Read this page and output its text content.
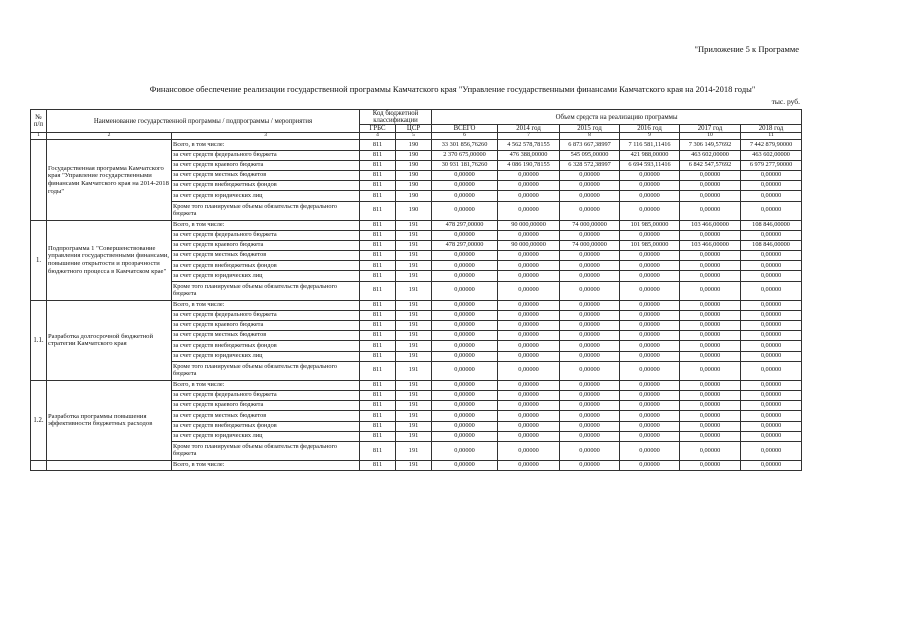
"Приложение 5 к Программе
Финансовое обеспечение реализации государственной программы Камчатского края "Управление государственными финансами Камчатского края на 2014-2018 годы"
тыс. руб.
№ п/п	Наименование государственной программы / подпрограммы / мероприятия		Код бюджетной классификации		Объем средств на реализацию программы					
			ГРБС	ЦСР	ВСЕГО	2014 год	2015 год	2016 год	2017 год	2018 год
1	2	3	4	5	6	7	8	9	10	11
	Государственная программа Камчатского края "Управление государственными финансами Камчатского края на 2014-2018 годы"	Всего, в том числе:	811	190	33 301 856,76260	4 562 578,78155	6 873 667,38997	7 116 581,11416	7 306 149,57692	7 442 879,90000
		за счет средств федерального бюджета	811	190	2 370 675,00000	476 388,00000	545 095,00000	421 988,00000	463 602,00000	463 602,00000
		за счет средств краевого бюджета	811	190	30 931 181,76260	4 086 190,78155	6 328 572,38997	6 694 593,11416	6 842 547,57692	6 979 277,90000
		за счет средств местных бюджетов	811	190	0,00000	0,00000	0,00000	0,00000	0,00000	0,00000
		за счет средств внебюджетных фондов	811	190	0,00000	0,00000	0,00000	0,00000	0,00000	0,00000
		за счет средств юридических лиц	811	190	0,00000	0,00000	0,00000	0,00000	0,00000	0,00000
		Кроме того планируемые объемы обязательств федерального бюджета	811	190	0,00000	0,00000	0,00000	0,00000	0,00000	0,00000
1.	Подпрограмма 1 "Совершенствование управления государственными финансами, повышение открытости и прозрачности бюджетного процесса в Камчатском крае"	Всего, в том числе:	811	191	478 297,00000	90 000,00000	74 000,00000	101 985,00000	103 466,00000	108 846,00000
		за счет средств федерального бюджета	811	191	0,00000	0,00000	0,00000	0,00000	0,00000	0,00000
		за счет средств краевого бюджета	811	191	478 297,00000	90 000,00000	74 000,00000	101 985,00000	103 466,00000	108 846,00000
		за счет средств местных бюджетов	811	191	0,00000	0,00000	0,00000	0,00000	0,00000	0,00000
		за счет средств внебюджетных фондов	811	191	0,00000	0,00000	0,00000	0,00000	0,00000	0,00000
		за счет средств юридических лиц	811	191	0,00000	0,00000	0,00000	0,00000	0,00000	0,00000
		Кроме того планируемые объемы обязательств федерального бюджета	811	191	0,00000	0,00000	0,00000	0,00000	0,00000	0,00000
1.1.	Разработка долгосрочной бюджетной стратегии Камчатского края	Всего, в том числе:	811	191	0,00000	0,00000	0,00000	0,00000	0,00000	0,00000
		за счет средств федерального бюджета	811	191	0,00000	0,00000	0,00000	0,00000	0,00000	0,00000
		за счет средств краевого бюджета	811	191	0,00000	0,00000	0,00000	0,00000	0,00000	0,00000
		за счет средств местных бюджетов	811	191	0,00000	0,00000	0,00000	0,00000	0,00000	0,00000
		за счет средств внебюджетных фондов	811	191	0,00000	0,00000	0,00000	0,00000	0,00000	0,00000
		за счет средств юридических лиц	811	191	0,00000	0,00000	0,00000	0,00000	0,00000	0,00000
		Кроме того планируемые объемы обязательств федерального бюджета	811	191	0,00000	0,00000	0,00000	0,00000	0,00000	0,00000
1.2.	Разработка программы повышения эффективности бюджетных расходов	Всего, в том числе:	811	191	0,00000	0,00000	0,00000	0,00000	0,00000	0,00000
		за счет средств федерального бюджета	811	191	0,00000	0,00000	0,00000	0,00000	0,00000	0,00000
		за счет средств краевого бюджета	811	191	0,00000	0,00000	0,00000	0,00000	0,00000	0,00000
		за счет средств местных бюджетов	811	191	0,00000	0,00000	0,00000	0,00000	0,00000	0,00000
		за счет средств внебюджетных фондов	811	191	0,00000	0,00000	0,00000	0,00000	0,00000	0,00000
		за счет средств юридических лиц	811	191	0,00000	0,00000	0,00000	0,00000	0,00000	0,00000
		Кроме того планируемые объемы обязательств федерального бюджета	811	191	0,00000	0,00000	0,00000	0,00000	0,00000	0,00000
		Всего, в том числе:	811	191	0,00000	0,00000	0,00000	0,00000	0,00000	0,00000
